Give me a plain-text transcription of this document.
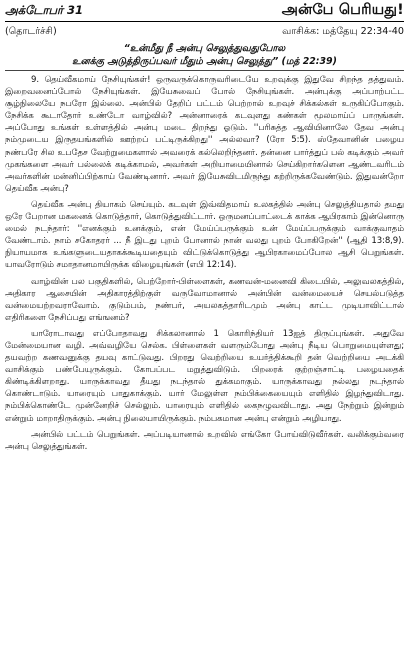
அக்டோபர் 31	அன்பே பெரியது!
(தொடர்ச்சி)	வாசிக்க: மத்தேயு 22:34-40
“உன்மீது நீ அன்பு செலுத்துவதுபோல
உனக்கு அடுத்திருப்பவர் மீதும் அன்பு செலுத்து” (மத் 22:39)

9. தெய்வீகமாய் நேசியுங்கள்! ஒருவருக்கொருவரிடையே உறவுக்கு இதுவே சிறந்த தத்துவம். இறைவனைப்போல் நேசியுங்கள். இயேசுவைப் போல் நேசியுங்கள். அன்புக்கு அப்பாற்பட்ட சூழ்நிலையே நபரோ இல்லை. அன்பில் தேறிப் பட்டம் பெற்றால் உறவுச் சிக்கல்கள் உருகிப்போகும். நேசிக்க கூடாதோர் உண்டோ வாழ்வில்? அன்னாரைக் கடவுளது கண்கள் மூலமாய்ப் பாருங்கள். அப்போது உங்கள் உள்ளத்தில் அன்பு மடை திறந்து ஓடும். ''பரிசுத்த ஆவியினாலே தேவ அன்பு நம்முடைய இருதயங்களில் ஊற்றப் பட்டிருக்கிறது'' அல்லவா? (ரோ 5:5). ஸ்தேவானின் பழைய நண்பரே சில உபதேச வேற்றுமைகளால் அவரைக் கல்லெறிந்தனர். தன்னை பார்த்துப் பல் கடிக்கும் அவர் முகங்களை அவர் பல்லைக் கடிக்காமல், அவர்கள் அறியாமையினால் செய்கிறார்களென ஆண்டவரிடம் அவர்களின் மன்னிப்பிற்காய் வேண்டினார். அவர் இயேசுவிடமிருந்து கற்றிருக்கவேண்டும். இதுவன்றோ தெய்வீக அன்பு?

தெய்வீக அன்பு தியாகம் செய்யும். கடவுள் இவ்விதமாய் உலகத்தில் அன்பு செலுத்தியதால் தமது ஒரே பேறான மகனைக் கொடுத்தார், கொடுத்துவிட்டார். ஒருமனப்பாட்டைக் காக்க ஆபிரகாம் இன்னொரு மைல் நடந்தார்: ''எனக்கும் உனக்கும், என் மேய்ப்பருக்கும் உன் மேய்ப்பருக்கும் வாக்குவாதம் வேண்டாம். நாம் சகோதரர் ... நீ இடது புறம் போனால் நான் வலது புறம் போகிறேன்'' (ஆதி 13:8,9). நியாயமாக உங்களுடையதாகக்கூடியதையும் விட்டுக்கொடுத்து ஆபிரகாமைப்போல ஆசி பெறுங்கள். யாவரோடும் சமாதானமாயிருக்க விழையுங்கள் (எபி 12:14).

வாழ்வின் பல பகுதிகளில், பெற்றோர்-பிள்ளைகள், கணவன்-மனைவி கிடையில், அலுவலகத்தில், அதிகார ஆசையின் அதிகாரத்திற்குள் வருவோமானால் அன்பின் வன்மையைச் செயல்படுத்த வன்மையற்றவராவோம். குடும்பம், நண்பர், அயலகத்தாரிடமும் அன்பு காட்ட முடியாவிட்டால் எதிரிகளை நேசிப்பது எங்ஙனம்?

யாரோடாவது எப்போதாவது சிக்கலானால் 1 கொரிந்தியர் 13ஐத் திருப்புங்கள். அதுவே மேன்மையான வழி. அவ்வழியே செல்க. பிள்ளைகள் வளரும்போது அன்பு நீடிய பொறுமையுள்ளது; தயவற்ற கணவனுக்கு தயவு காட்டுவது. பிறரது வெற்றியை உயர்த்திக்கூறி தன் வெற்றியை அடக்கி வாசிக்கும் பண்பேயுருக்கும். கோபப்பட மறுத்துவிடும். பிறரைக் குற்றஞ்சாட்டி பழையதைக் கிண்டிக்கிளறாது. யாருக்காவது தீயது நடந்தால் துக்கமாகும். யாருக்காவது நல்லது நடந்தால் கொண்டாடும். யாரையும் பாதுகாக்கும். யார் மேலுள்ள நம்பிக்கையையும் எளிதில் இழந்துவிடாது. நம்பிக்கொண்டே முன்னேறிச் செல்லும். யாரையும் எளிதில் கைநழுவவிடாது. அது நேற்றும் இன்றும் என்றும் மாறாதிருக்கும். அன்பு நிலையாயிருக்கும். நம்பகமான அன்பு என்றும் அழியாது.

அன்பில் பட்டம் பெறுங்கள். அப்படியானால் உறவில் எங்கோ போய்விடுவீர்கள். வலிக்கும்வரை அன்பு செலுத்துங்கள்.
